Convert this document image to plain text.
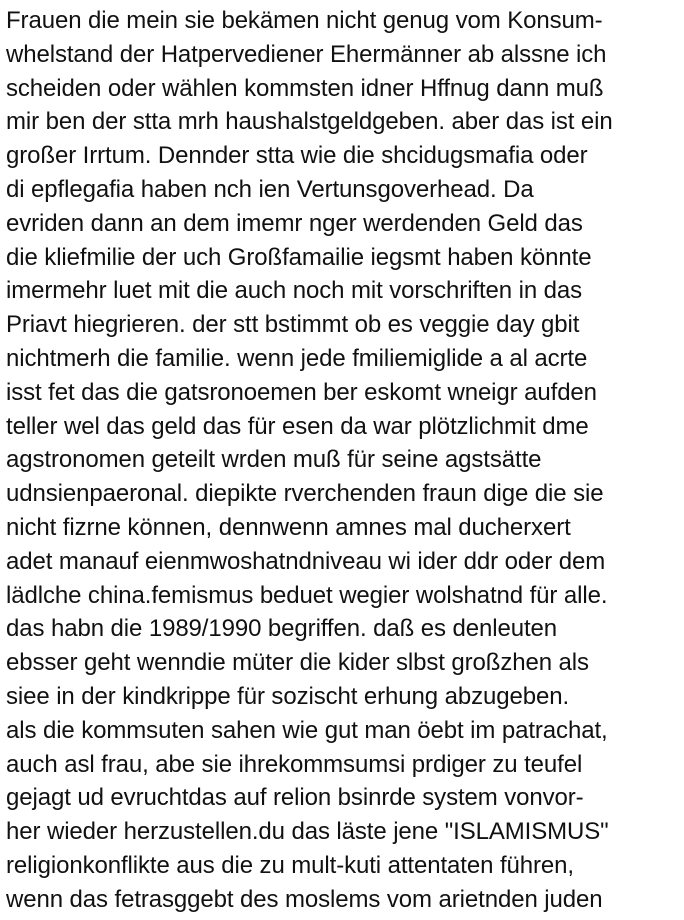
Frauen die mein sie bekämen nicht genug vom Konsum-
whelstand der Hatpervediener Ehermänner ab alssne ich
scheiden oder wählen kommsten idner Hffnug dann muß
mir ben der stta mrh haushalstgeldgeben. aber das ist ein
großer Irrtum. Dennder stta wie die shcidugsmafia oder
di epflegafia haben nch ien Vertunsgoverhead. Da
evriden dann an dem imemr nger werdenden Geld das
die kliefmilie der uch Großfamailie iegsmt haben könnte
imermehr luet mit die auch noch mit vorschriften in das
Priavt hiegrieren. der stt bstimmt ob es veggie day gbit
nichtmerh die familie. wenn jede fmiliemiglide a al acrte
isst fet das die gatsronoemen ber eskomt wneigr aufden
teller wel das geld das für esen da war plötzlichmit dme
agstronomen geteilt wrden muß für seine agstsätte
udnsienpaeronal. diepikte rverchenden fraun dige die sie
nicht fizrne können, dennwenn amnes mal ducherxert
adet manauf eienmwoshatndniveau wi ider ddr oder dem
lädlche china.femismus beduet wegier wolshatnd für alle.
das habn die 1989/1990 begriffen. daß es denleuten
ebsser geht wenndie müter die kider slbst großzhen als
siee in der kindkrippe für sozischt erhung abzugeben.
als die kommsuten sahen wie gut man öebt im patrachat,
auch asl frau, abe sie ihrekommsumsi prdiger zu teufel
gejagt ud evruchtdas auf relion bsinrde system vonvor-
her wieder herzustellen.du das läste jene "ISLAMISMUS"
religionkonflikte aus die zu mult-kuti attentaten führen,
wenn das fetrasggebt des moslems vom arietnden juden
